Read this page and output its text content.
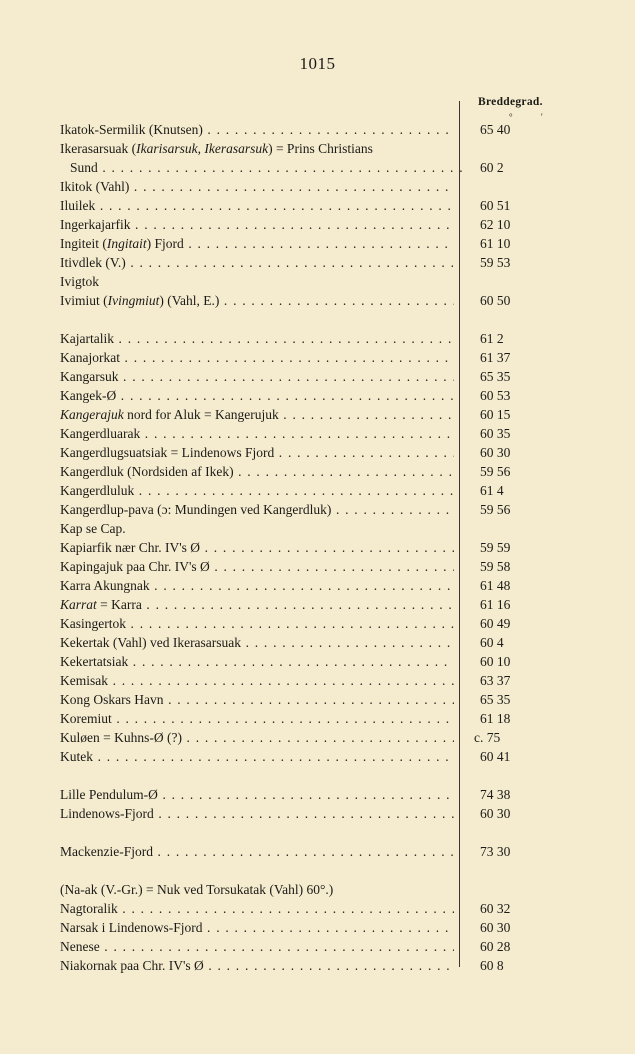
1015
Breddegrad.
° ′
Ikatok-Sermilik (Knutsen) . . .	65 40
Ikerasarsuak (Ikarisarsuk, Ikerasarsuk) = Prins Christians
Sund . . .	60 2
Ikitok (Vahl) . . .
Iluilek . . .	60 51
Ingerkajarfik . . .	62 10
Ingiteit (Ingitait) Fjord . . .	61 10
Itivdlek (V.) . . .	59 53
Ivigtok
Ivimiut (Ivingmiut) (Vahl, E.) . . .	60 50
Kajartalik . . .	61 2
Kanajorkat . . .	61 37
Kangarsuk . . .	65 35
Kangek-Ø . . .	60 53
Kangerajuk nord for Aluk = Kangerujuk . . .	60 15
Kangerdluarak . . .	60 35
Kangerdlugsuatsiak = Lindenows Fjord . . .	60 30
Kangerdluk (Nordsiden af Ikek) . . .	59 56
Kangerdluluk . . .	61 4
Kangerdlup-pava (ɔ: Mundingen ved Kangerdluk) . . .	59 56
Kap se Cap.
Kapiarfik nær Chr. IV's Ø . . .	59 59
Kapingajuk paa Chr. IV's Ø . . .	59 58
Karra Akungnak . . .	61 48
Karrat = Karra . . .	61 16
Kasingertok . . .	60 49
Kekertak (Vahl) ved Ikerasarsuak . . .	60 4
Kekertatsiak . . .	60 10
Kemisak . . .	63 37
Kong Oskars Havn . . .	65 35
Koremiut . . .	61 18
Kuløen = Kuhns-Ø (?) . . .	c. 75
Kutek . . .	60 41
Lille Pendulum-Ø . . .	74 38
Lindenows-Fjord . . .	60 30
Mackenzie-Fjord . . .	73 30
(Na-ak (V.-Gr.) = Nuk ved Torsukatak (Vahl) 60°.)
Nagtoralik . . .	60 32
Narsak i Lindenows-Fjord . . .	60 30
Nenese . . .	60 28
Niakornak paa Chr. IV's Ø . . .	60 8
